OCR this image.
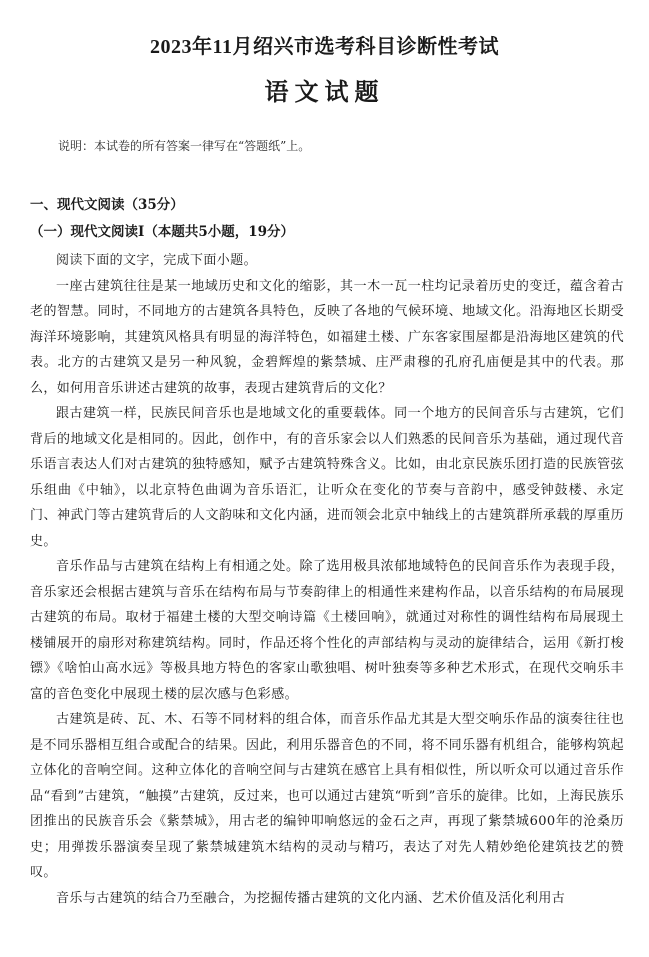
2023年11月绍兴市选考科目诊断性考试
语文试题

说明：本试卷的所有答案一律写在“答题纸”上。

一、现代文阅读（35分）
（一）现代文阅读Ⅰ（本题共5小题，19分）

阅读下面的文字，完成下面小题。

一座古建筑往往是某一地域历史和文化的缩影，其一木一瓦一柱均记录着历史的变迁，蕴含着古老的智慧。同时，不同地方的古建筑各具特色，反映了各地的气候环境、地域文化。沿海地区长期受海洋环境影响，其建筑风格具有明显的海洋特色，如福建土楼、广东客家围屋都是沿海地区建筑的代表。北方的古建筑又是另一种风貌，金碧辉煌的紫禁城、庄严肃穆的孔府孔庙便是其中的代表。那么，如何用音乐讲述古建筑的故事，表现古建筑背后的文化？

跟古建筑一样，民族民间音乐也是地域文化的重要载体。同一个地方的民间音乐与古建筑，它们背后的地域文化是相同的。因此，创作中，有的音乐家会以人们熟悉的民间音乐为基础，通过现代音乐语言表达人们对古建筑的独特感知，赋予古建筑特殊含义。比如，由北京民族乐团打造的民族管弦乐组曲《中轴》，以北京特色曲调为音乐语汇，让听众在变化的节奏与音韵中，感受钟鼓楼、永定门、神武门等古建筑背后的人文韵味和文化内涵，进而领会北京中轴线上的古建筑群所承载的厚重历史。

音乐作品与古建筑在结构上有相通之处。除了选用极具浓郁地域特色的民间音乐作为表现手段，音乐家还会根据古建筑与音乐在结构布局与节奏韵律上的相通性来建构作品，以音乐结构的布局展现古建筑的布局。取材于福建土楼的大型交响诗篇《土楼回响》，就通过对称性的调性结构布局展现土楼铺展开的扇形对称建筑结构。同时，作品还将个性化的声部结构与灵动的旋律结合，运用《新打梭镖》《啥怕山高水远》等极具地方特色的客家山歌独唱、树叶独奏等多种艺术形式，在现代交响乐丰富的音色变化中展现土楼的层次感与色彩感。

古建筑是砖、瓦、木、石等不同材料的组合体，而音乐作品尤其是大型交响乐作品的演奏往往也是不同乐器相互组合或配合的结果。因此，利用乐器音色的不同，将不同乐器有机组合，能够构筑起立体化的音响空间。这种立体化的音响空间与古建筑在感官上具有相似性，所以听众可以通过音乐作品“看到”古建筑，“触摸”古建筑，反过来，也可以通过古建筑“听到”音乐的旋律。比如，上海民族乐团推出的民族音乐会《紫禁城》，用古老的编钟叩响悠远的金石之声，再现了紫禁城600年的沧桑历史；用弹拨乐器演奏呈现了紫禁城建筑木结构的灵动与精巧，表达了对先人精妙绝伦建筑技艺的赞叹。

音乐与古建筑的结合乃至融合，为挖掘传播古建筑的文化内涵、艺术价值及活化利用古
